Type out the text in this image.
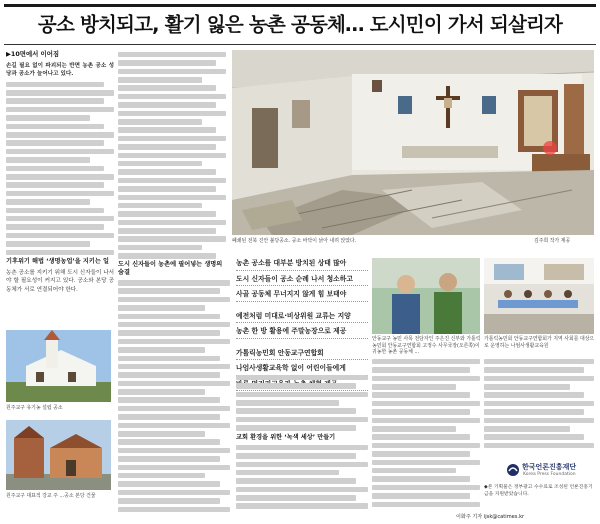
공소 방치되고, 활기 잃은 농촌 공동체… 도시민이 가서 되살리자
▶10면에서 이어짐

손길 필요 없이 파괴되는 반면 농촌 공소 성당과 공소가 늘어나고 있다.

기후위기 해법 ‘생명농업’을 지키는 일

농촌 공소를 지키기 위해 도시 신자들이 나서야 할 필요성이 커지고 있다. 공소와 본당 공동체가 서로 연결되어야 한다.

폐쇄된 전북 진안 불당공소. 공소 바닥이 낡아 내려 앉았다.	김주희 작가 제공
원주교구 유기농 설립 공소
원주교구 대표적 강교 주 ...공소 본당 건물
도시 신자들이 농촌에 필어넣는 생명의 숨결
농촌 공소를 대부분 방치된 상태 많아
도시 신자들이 공소 순례 나서 청소하고
사골 공동체 무너지지 않게 힘 보태야
예전처럼 미대로·비상위원 교류는 지양
농촌 한 방 활용에 주말농장으로 제공
가톨릭농민회 안동교구연합회
나엄사생활교육학 없이 어린이들에게
교회 환경을 위한 ‘녹색 세상’ 만들기
안동교구 농민 사목 전담자인 주은진 신부와 가톨릭농민회 안동교구연합회 고정수 사무국장(오른쪽)이 귀농한 농촌 공동체 ...
가톨릭농민회 안동교구연합회가 지역 사회를 대상으로 운영하는 나엄사생활교육원
한국언론진흥재단
Korea Press Foundation
◆본 기획물은 정부광고 수수료로 조성된 언론진흥기금을 지원받았습니다.
이화주 기자 ijsk@catimes.kr
